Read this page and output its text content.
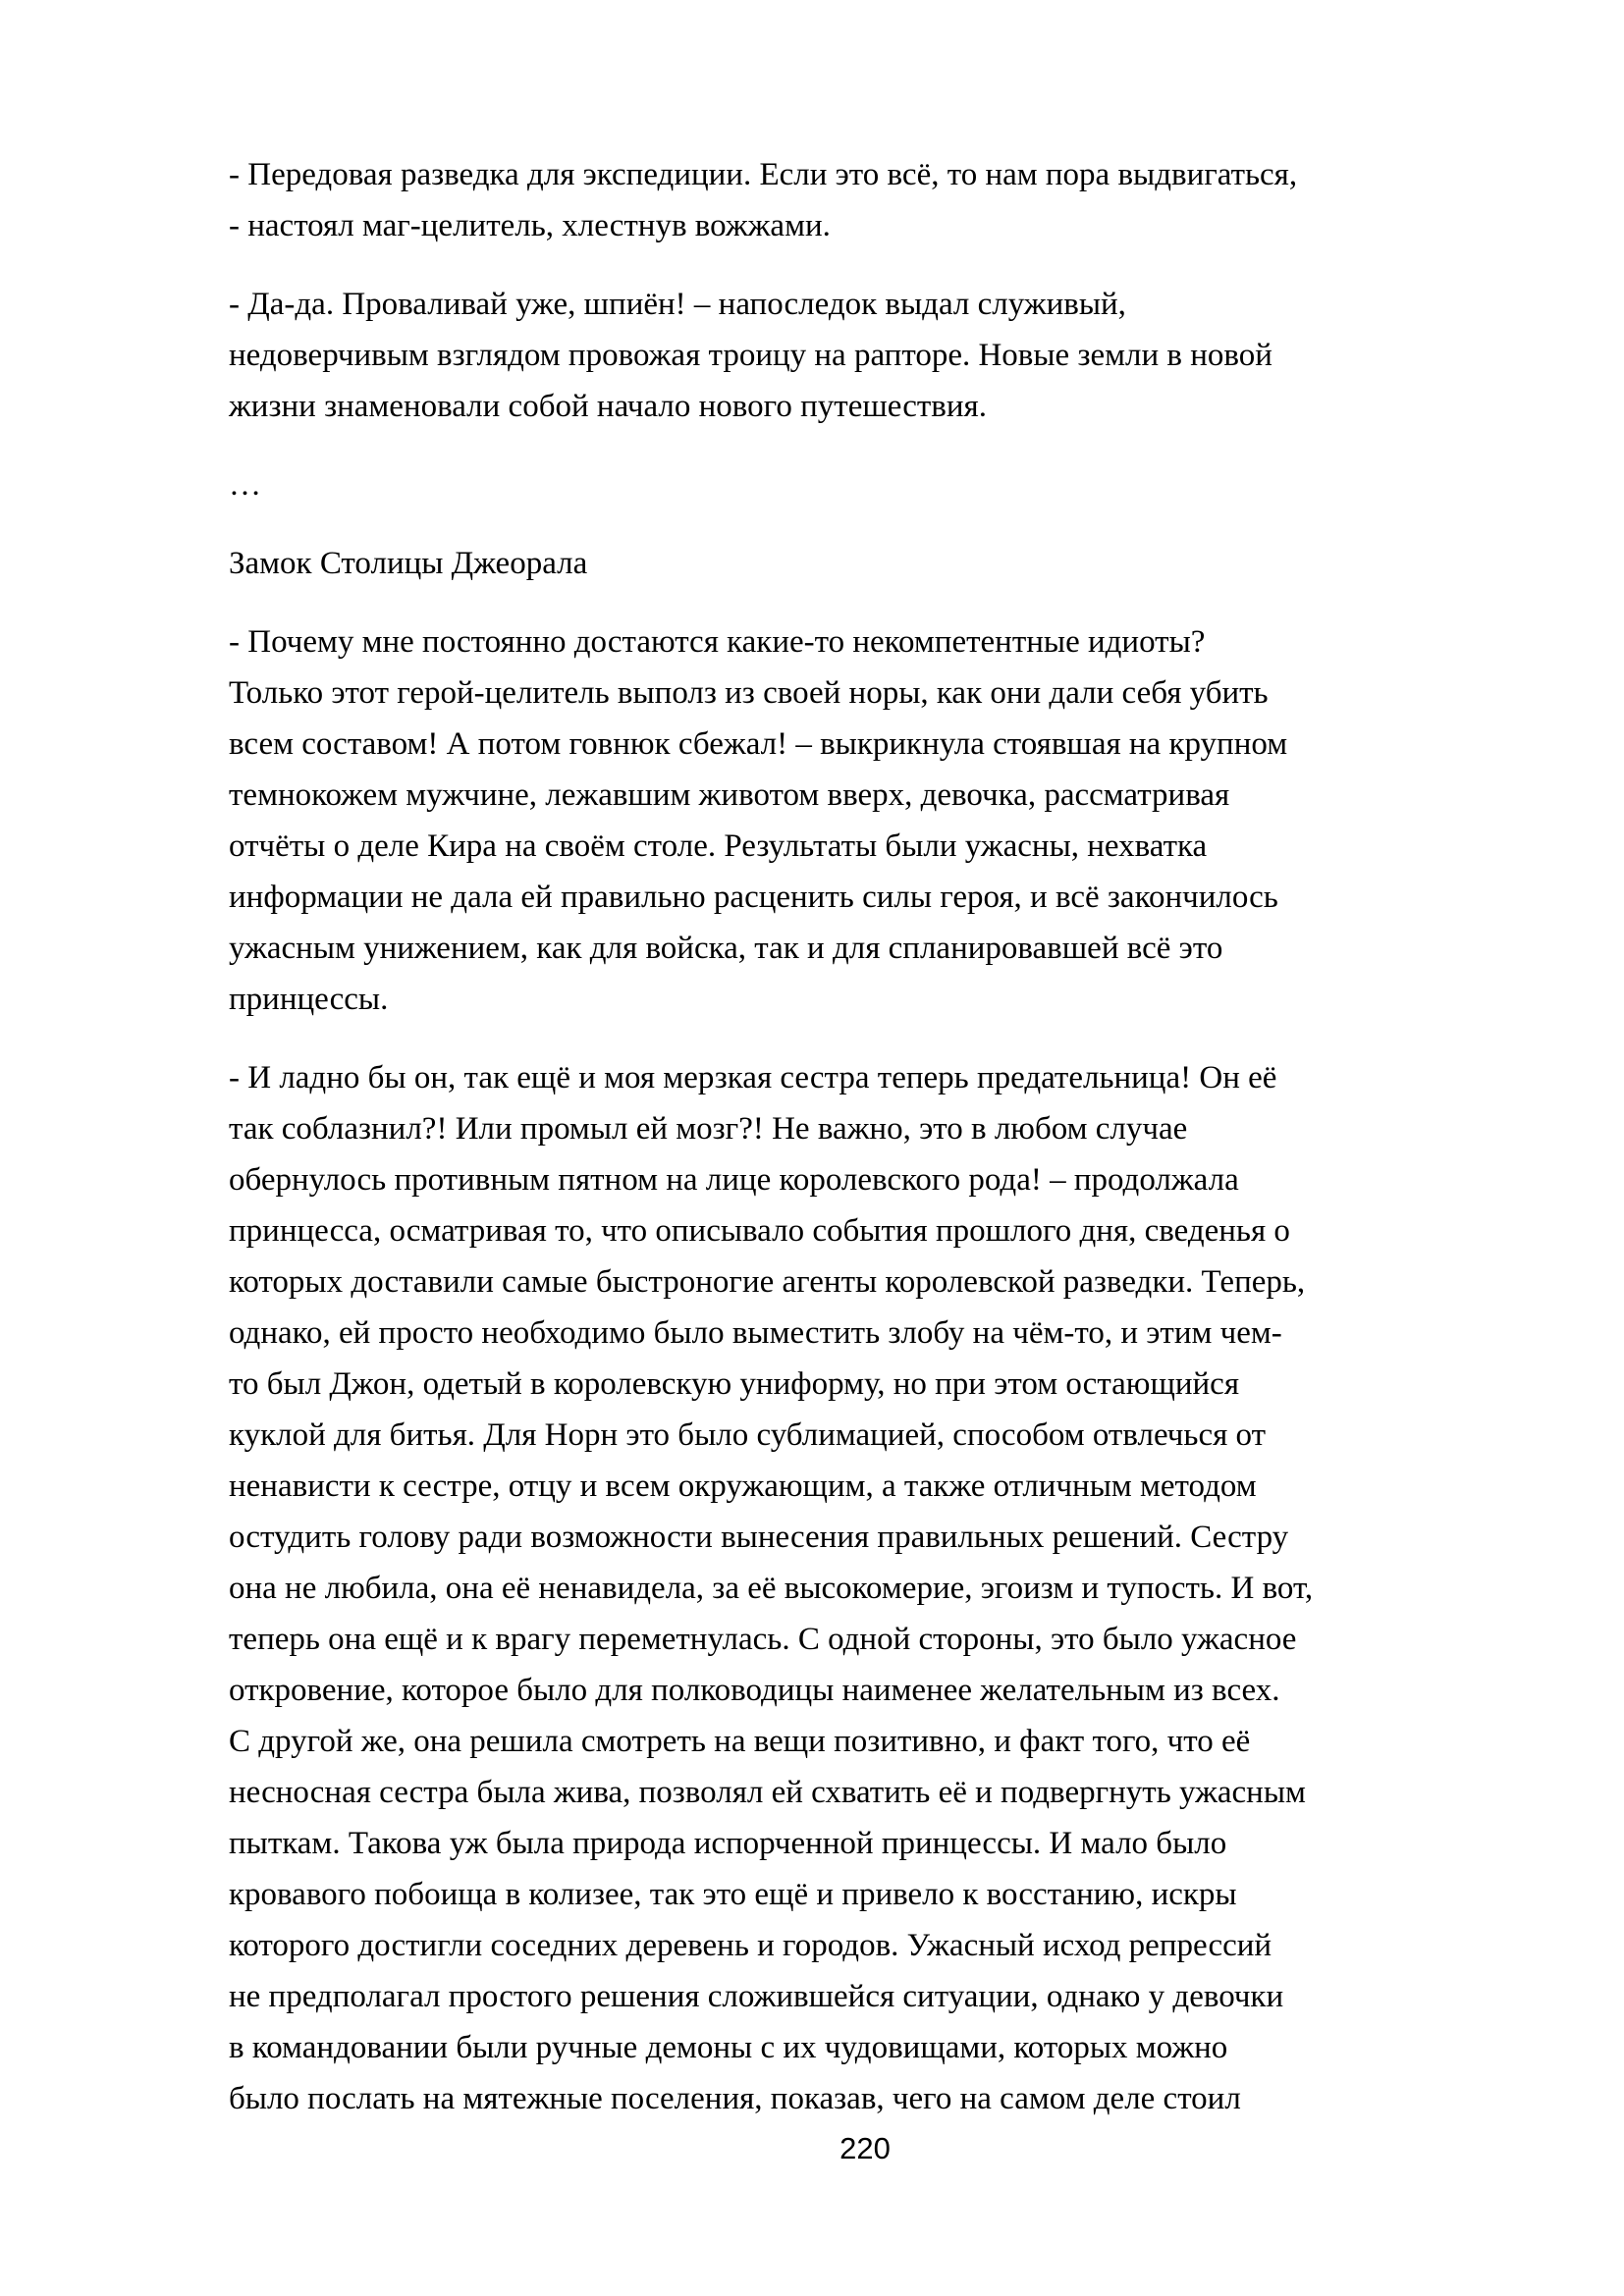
- Передовая разведка для экспедиции. Если это всё, то нам пора выдвигаться,
- настоял маг-целитель, хлестнув вожжами.
- Да-да. Проваливай уже, шпиён! – напоследок выдал служивый,
недоверчивым взглядом провожая троицу на рапторе. Новые земли в новой
жизни знаменовали собой начало нового путешествия.
…
Замок Столицы Джеорала
- Почему мне постоянно достаются какие-то некомпетентные идиоты?
Только этот герой-целитель выполз из своей норы, как они дали себя убить
всем составом! А потом говнюк сбежал! – выкрикнула стоявшая на крупном
темнокожем мужчине, лежавшим животом вверх, девочка, рассматривая
отчёты о деле Кира на своём столе. Результаты были ужасны, нехватка
информации не дала ей правильно расценить силы героя, и всё закончилось
ужасным унижением, как для войска, так и для спланировавшей всё это
принцессы.
- И ладно бы он, так ещё и моя мерзкая сестра теперь предательница! Он её
так соблазнил?! Или промыл ей мозг?! Не важно, это в любом случае
обернулось противным пятном на лице королевского рода! – продолжала
принцесса, осматривая то, что описывало события прошлого дня, сведенья о
которых доставили самые быстроногие агенты королевской разведки. Теперь,
однако, ей просто необходимо было выместить злобу на чём-то, и этим чем-
то был Джон, одетый в королевскую униформу, но при этом остающийся
куклой для битья. Для Норн это было сублимацией, способом отвлечься от
ненависти к сестре, отцу и всем окружающим, а также отличным методом
остудить голову ради возможности вынесения правильных решений. Сестру
она не любила, она её ненавидела, за её высокомерие, эгоизм и тупость. И вот,
теперь она ещё и к врагу переметнулась. С одной стороны, это было ужасное
откровение, которое было для полководицы наименее желательным из всех.
С другой же, она решила смотреть на вещи позитивно, и факт того, что её
несносная сестра была жива, позволял ей схватить её и подвергнуть ужасным
пыткам. Такова уж была природа испорченной принцессы. И мало было
кровавого побоища в колизее, так это ещё и привело к восстанию, искры
которого достигли соседних деревень и городов. Ужасный исход репрессий
не предполагал простого решения сложившейся ситуации, однако у девочки
в командовании были ручные демоны с их чудовищами, которых можно
было послать на мятежные поселения, показав, чего на самом деле стоил
220
